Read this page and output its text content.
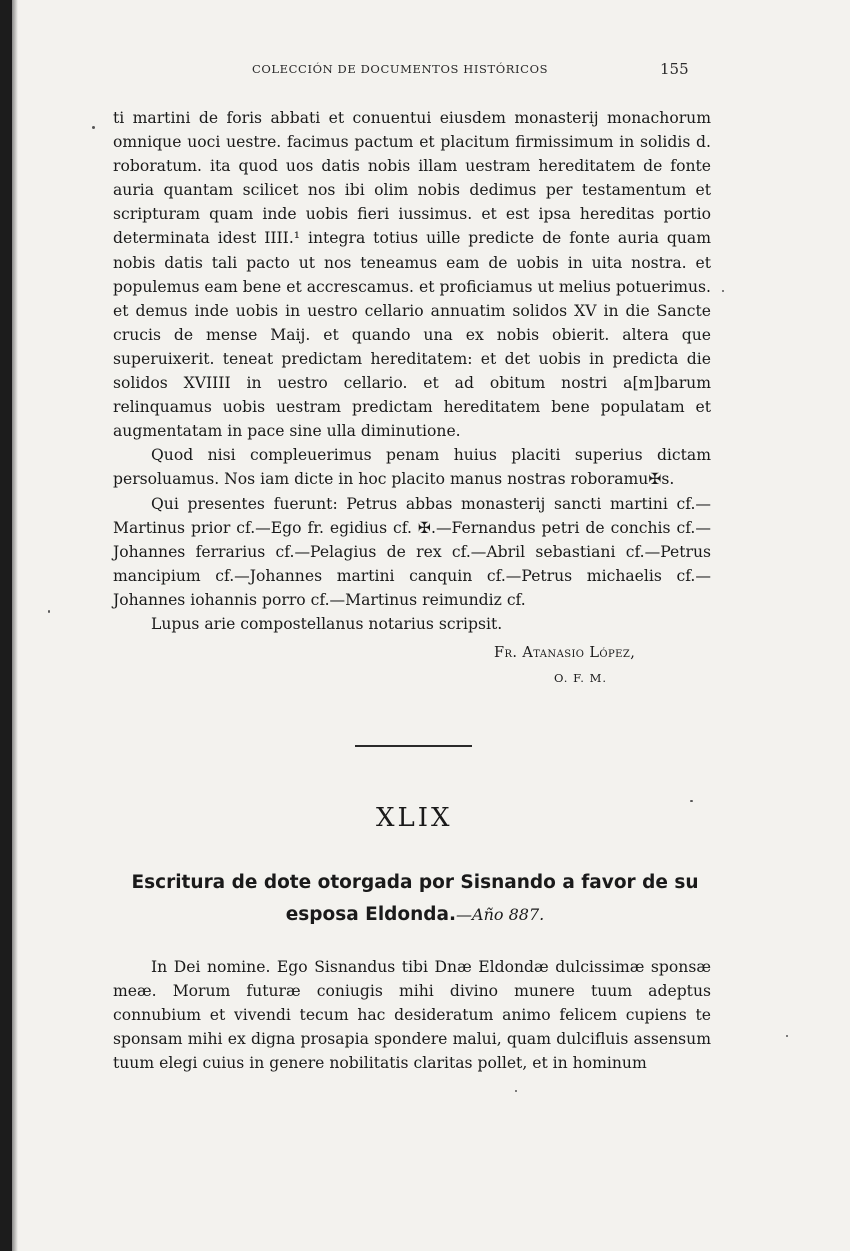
COLECCIÓN DE DOCUMENTOS HISTÓRICOS	155

ti martini de foris abbati et conuentui eiusdem monasterij monachorum omnique uoci uestre. facimus pactum et placitum firmissimum in solidis d. roboratum. ita quod uos datis nobis illam uestram hereditatem de fonte auria quantam scilicet nos ibi olim nobis dedimus per testamentum et scripturam quam inde uobis fieri iussimus. et est ipsa hereditas portio determinata idest IIII.¹ integra totius uille predicte de fonte auria quam nobis datis tali pacto ut nos teneamus eam de uobis in uita nostra. et populemus eam bene et accrescamus. et proficiamus ut melius potuerimus. et demus inde uobis in uestro cellario annuatim solidos XV in die Sancte crucis de mense Maij. et quando una ex nobis obierit. altera que superuixerit. teneat predictam hereditatem: et det uobis in predicta die solidos XVIIII in uestro cellario. et ad obitum nostri a[m]barum relinquamus uobis uestram predictam hereditatem bene populatam et augmentatam in pace sine ulla diminutione.

Quod nisi compleuerimus penam huius placiti superius dictam persoluamus. Nos iam dicte in hoc placito manus nostras roboramu✠s.

Qui presentes fuerunt: Petrus abbas monasterij sancti martini cf.—Martinus prior cf.—Ego fr. egidius cf. ✠.—Fernandus petri de conchis cf.—Johannes ferrarius cf.—Pelagius de rex cf.—Abril sebastiani cf.—Petrus mancipium cf.—Johannes martini canquin cf.—Petrus michaelis cf.—Johannes iohannis porro cf.—Martinus reimundiz cf.

Lupus arie compostellanus notarius scripsit.

Fr. Atanasio López,
O. F. M.
XLIX
Escritura de dote otorgada por Sisnando a favor de su esposa Eldonda.—Año 887.

In Dei nomine. Ego Sisnandus tibi Dnæ Eldondæ dulcissimæ sponsæ meæ. Morum futuræ coniugis mihi divino munere tuum adeptus connubium et vivendi tecum hac desideratum animo felicem cupiens te sponsam mihi ex digna prosapia spondere malui, quam dulcifluis assensum tuum elegi cuius in genere nobilitatis claritas pollet, et in hominum
